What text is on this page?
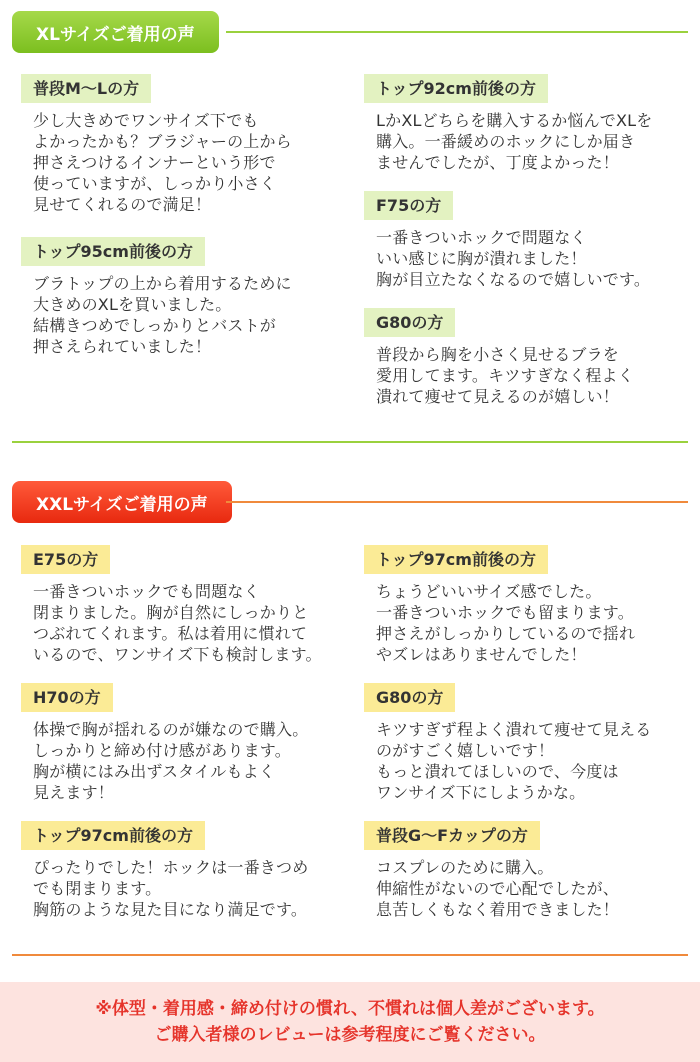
XLサイズご着用の声
普段M〜Lの方
少し大きめでワンサイズ下でも
よかったかも？ブラジャーの上から
押さえつけるインナーという形で
使っていますが、しっかり小さく
見せてくれるので満足！
トップ95cm前後の方
ブラトップの上から着用するために
大きめのXLを買いました。
結構きつめでしっかりとバストが
押さえられていました！
トップ92cm前後の方
LかXLどちらを購入するか悩んでXLを
購入。一番緩めのホックにしか届き
ませんでしたが、丁度よかった！
F75の方
一番きついホックで問題なく
いい感じに胸が潰れました！
胸が目立たなくなるので嬉しいです。
G80の方
普段から胸を小さく見せるブラを
愛用してます。キツすぎなく程よく
潰れて痩せて見えるのが嬉しい！
XXLサイズご着用の声
E75の方
一番きついホックでも問題なく
閉まりました。胸が自然にしっかりと
つぶれてくれます。私は着用に慣れて
いるので、ワンサイズ下も検討します。
H70の方
体操で胸が揺れるのが嫌なので購入。
しっかりと締め付け感があります。
胸が横にはみ出ずスタイルもよく
見えます！
トップ97cm前後の方
ぴったりでした！ホックは一番きつめ
でも閉まります。
胸筋のような見た目になり満足です。
トップ97cm前後の方
ちょうどいいサイズ感でした。
一番きついホックでも留まります。
押さえがしっかりしているので揺れ
やズレはありませんでした！
G80の方
キツすぎず程よく潰れて痩せて見える
のがすごく嬉しいです！
もっと潰れてほしいので、今度は
ワンサイズ下にしようかな。
普段G〜Fカップの方
コスプレのために購入。
伸縮性がないので心配でしたが、
息苦しくもなく着用できました！
※体型・着用感・締め付けの慣れ、不慣れは個人差がございます。
ご購入者様のレビューは参考程度にご覧ください。
